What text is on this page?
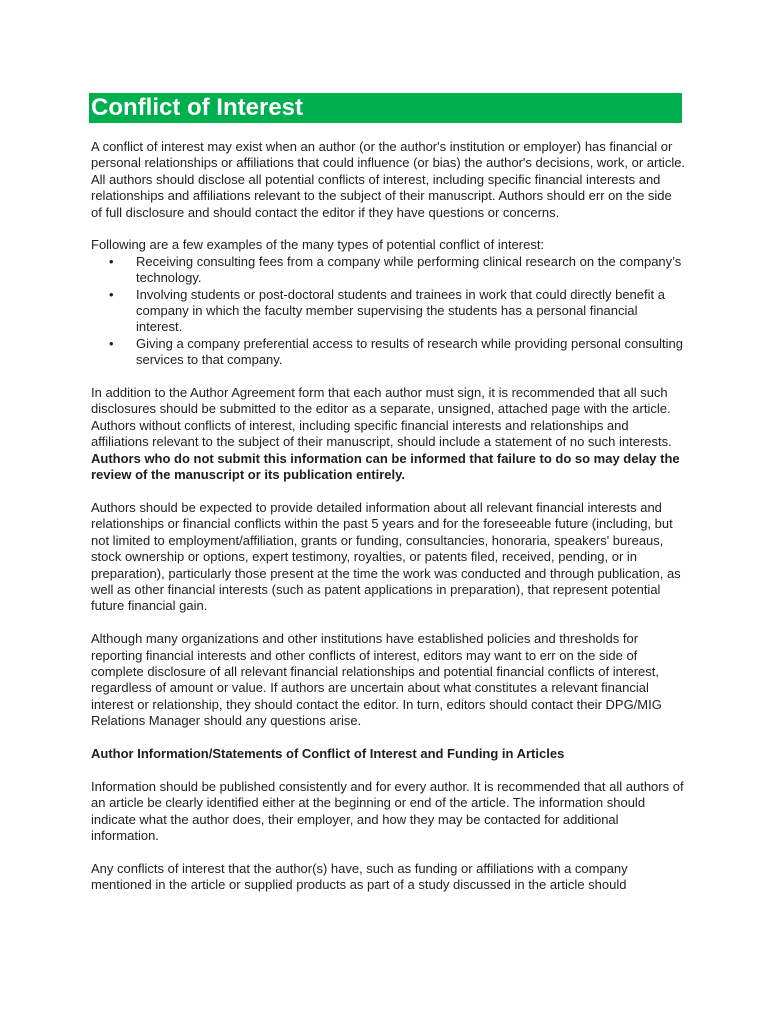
Conflict of Interest

A conflict of interest may exist when an author (or the author's institution or employer) has financial or personal relationships or affiliations that could influence (or bias) the author's decisions, work, or article. All authors should disclose all potential conflicts of interest, including specific financial interests and relationships and affiliations relevant to the subject of their manuscript. Authors should err on the side of full disclosure and should contact the editor if they have questions or concerns.

Following are a few examples of the many types of potential conflict of interest:

• Receiving consulting fees from a company while performing clinical research on the company’s technology.
• Involving students or post-doctoral students and trainees in work that could directly benefit a company in which the faculty member supervising the students has a personal financial interest.
• Giving a company preferential access to results of research while providing personal consulting services to that company.

In addition to the Author Agreement form that each author must sign, it is recommended that all such disclosures should be submitted to the editor as a separate, unsigned, attached page with the article. Authors without conflicts of interest, including specific financial interests and relationships and affiliations relevant to the subject of their manuscript, should include a statement of no such interests. Authors who do not submit this information can be informed that failure to do so may delay the review of the manuscript or its publication entirely.

Authors should be expected to provide detailed information about all relevant financial interests and relationships or financial conflicts within the past 5 years and for the foreseeable future (including, but not limited to employment/affiliation, grants or funding, consultancies, honoraria, speakers' bureaus, stock ownership or options, expert testimony, royalties, or patents filed, received, pending, or in preparation), particularly those present at the time the work was conducted and through publication, as well as other financial interests (such as patent applications in preparation), that represent potential future financial gain.

Although many organizations and other institutions have established policies and thresholds for reporting financial interests and other conflicts of interest, editors may want to err on the side of complete disclosure of all relevant financial relationships and potential financial conflicts of interest, regardless of amount or value. If authors are uncertain about what constitutes a relevant financial interest or relationship, they should contact the editor. In turn, editors should contact their DPG/MIG Relations Manager should any questions arise.

Author Information/Statements of Conflict of Interest and Funding in Articles

Information should be published consistently and for every author. It is recommended that all authors of an article be clearly identified either at the beginning or end of the article. The information should indicate what the author does, their employer, and how they may be contacted for additional information.

Any conflicts of interest that the author(s) have, such as funding or affiliations with a company mentioned in the article or supplied products as part of a study discussed in the article should
